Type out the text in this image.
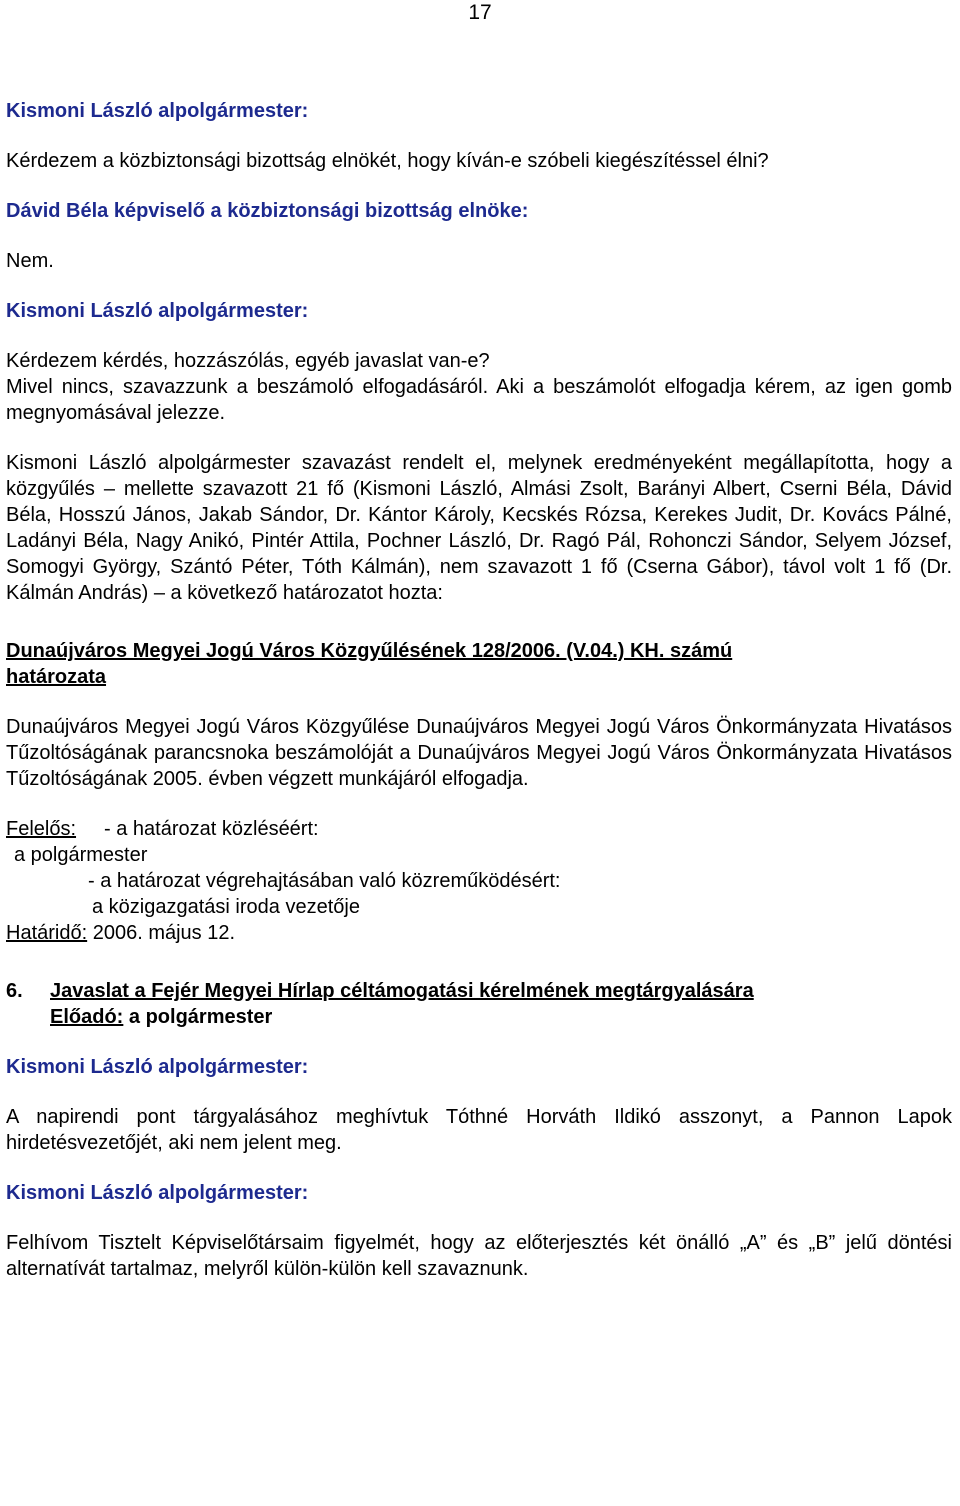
17

Kismoni László alpolgármester:

Kérdezem a közbiztonsági bizottság elnökét, hogy kíván-e szóbeli kiegészítéssel élni?

Dávid Béla képviselő a közbiztonsági bizottság elnöke:

Nem.

Kismoni László alpolgármester:

Kérdezem kérdés, hozzászólás, egyéb javaslat van-e?

Mivel nincs, szavazzunk a beszámoló elfogadásáról. Aki a beszámolót elfogadja kérem, az igen gomb megnyomásával jelezze.

Kismoni László alpolgármester szavazást rendelt el, melynek eredményeként megállapította, hogy a közgyűlés – mellette szavazott 21 fő (Kismoni László, Almási Zsolt, Barányi Albert, Cserni Béla, Dávid Béla, Hosszú János, Jakab Sándor, Dr. Kántor Károly, Kecskés Rózsa, Kerekes Judit, Dr. Kovács Pálné, Ladányi Béla, Nagy Anikó, Pintér Attila, Pochner László, Dr. Ragó Pál, Rohonczi Sándor, Selyem József, Somogyi György, Szántó Péter, Tóth Kálmán), nem szavazott 1 fő (Cserna Gábor), távol volt 1 fő (Dr. Kálmán András) – a következő határozatot hozta:

Dunaújváros Megyei Jogú Város Közgyűlésének 128/2006. (V.04.) KH. számú

határozata

Dunaújváros Megyei Jogú Város Közgyűlése Dunaújváros Megyei Jogú Város Önkormányzata Hivatásos Tűzoltóságának parancsnoka beszámolóját a Dunaújváros Megyei Jogú Város Önkormányzata Hivatásos Tűzoltóságának 2005. évben végzett munkájáról elfogadja.

Felelős: - a határozat közléséért:

a polgármester

- a határozat végrehajtásában való közreműködésért:

a közigazgatási iroda vezetője

Határidő: 2006. május 12.

6.	Javaslat a Fejér Megyei Hírlap céltámogatási kérelmének megtárgyalására

Előadó: a polgármester

Kismoni László alpolgármester:

A napirendi pont tárgyalásához meghívtuk Tóthné Horváth Ildikó asszonyt, a Pannon Lapok hirdetésvezetőjét, aki nem jelent meg.

Kismoni László alpolgármester:

Felhívom Tisztelt Képviselőtársaim figyelmét, hogy az előterjesztés két önálló „A” és „B” jelű döntési alternatívát tartalmaz, melyről külön-külön kell szavaznunk.
